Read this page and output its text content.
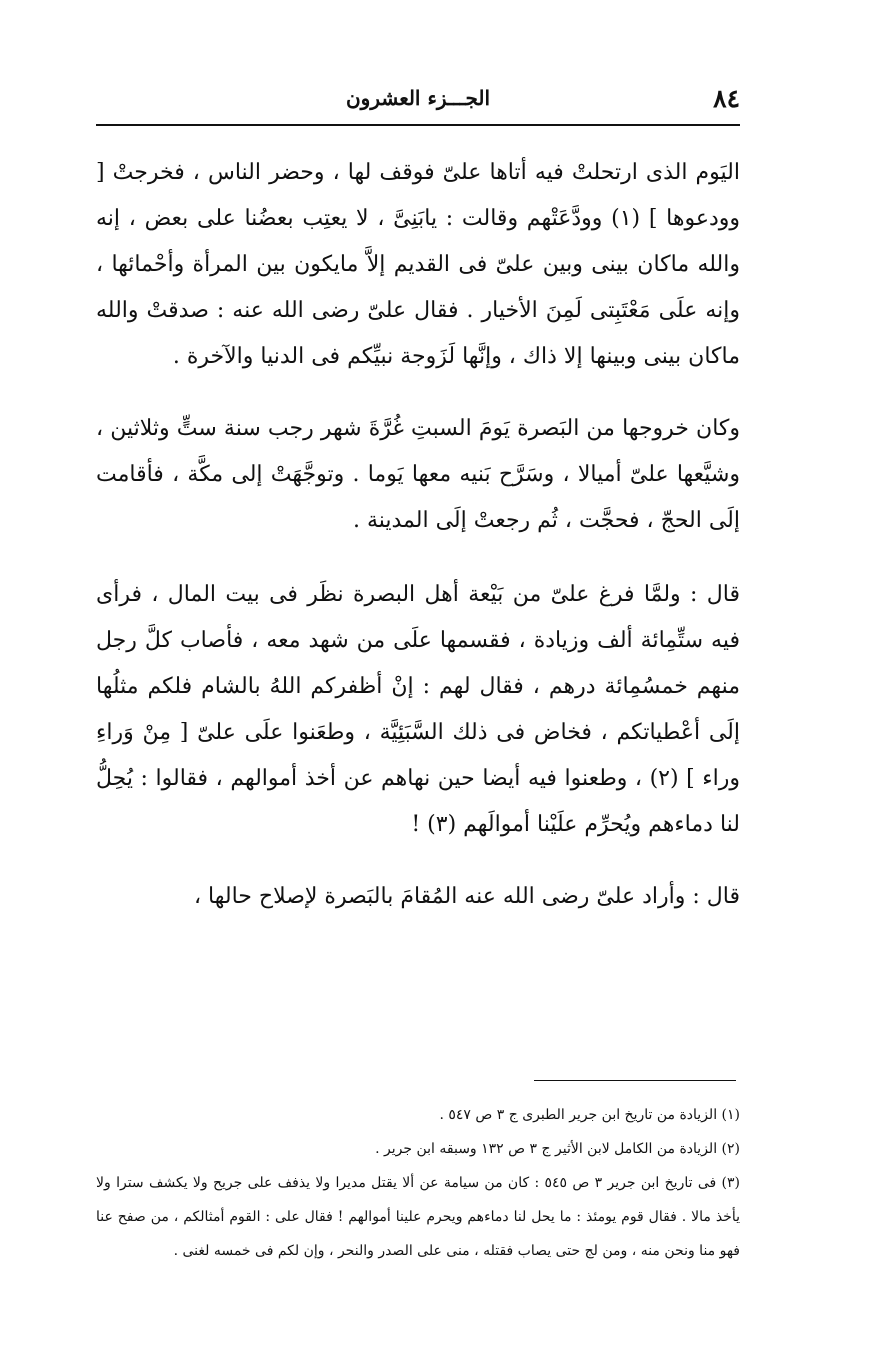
٨٤
الجـــزء العشرون

اليَوم الذى ارتحلتْ فيه أتاها علىّ فوقف لها ، وحضر الناس ، فخرجتْ [ وودعوها ] (١) وودَّعَتْهم وقالت : يابَنِىَّ ، لا يعتِب بعضُنا على بعض ، إنه والله ماكان بينى وبين علىّ فى القديم إلاَّ مايكون بين المرأة وأحْمائها ، وإنه علَى مَعْتَبِتى لَمِنَ الأخيار . فقال علىّ رضى الله عنه : صدقتْ والله ماكان بينى وبينها إلا ذاك ، وإنَّها لَزَوجة نبيِّكم فى الدنيا والآخرة .

وكان خروجها من البَصرة يَومَ السبتِ غُرَّةَ شهر رجب سنة ستٍّ وثلاثين ، وشيَّعها علىّ أميالا ، وسَرَّح بَنيه معها يَوما . وتوجَّهَتْ إلى مكَّة ، فأقامت إلَى الحجّ ، فحجَّت ، ثُم رجعتْ إلَى المدينة .

قال : ولمَّا فرغ علىّ من بَيْعة أهل البصرة نظَر فى بيت المال ، فرأى فيه ستِّمِائة ألف وزيادة ، فقسمها علَى من شهد معه ، فأصاب كلَّ رجل منهم خمسُمِائة درهم ، فقال لهم : إنْ أظفركم اللهُ بالشام فلكم مثلُها إلَى أعْطياتكم ، فخاض فى ذلك السَّبَئِيَّة ، وطعَنوا علَى علىّ [ مِنْ وَراءِ وراء ] (٢) ، وطعنوا فيه أيضا حين نهاهم عن أخذ أموالهم ، فقالوا : يُحِلُّ لنا دماءهم ويُحرِّم علَيْنا أموالَهم (٣) !

قال : وأراد علىّ رضى الله عنه المُقامَ بالبَصرة لإصلاح حالها ،

(١) الزيادة من تاريخ ابن جرير الطبرى ج ٣ ص ٥٤٧ .

(٢) الزيادة من الكامل لابن الأثير ج ٣ ص ١٣٢ وسبقه ابن جرير .

(٣) فى تاريخ ابن جرير ٣ ص ٥٤٥ : كان من سيامة عن ألا يقتل مديرا ولا يذفف على جريح ولا يكشف سترا ولا يأخذ مالا . فقال قوم يومئذ : ما يحل لنا دماءهم ويحرم علينا أموالهم ! فقال على : القوم أمثالكم ، من صفح عنا فهو منا ونحن منه ، ومن لج حتى يصاب فقتله ، منى على الصدر والنحر ، وإن لكم فى خمسه لغنى .
